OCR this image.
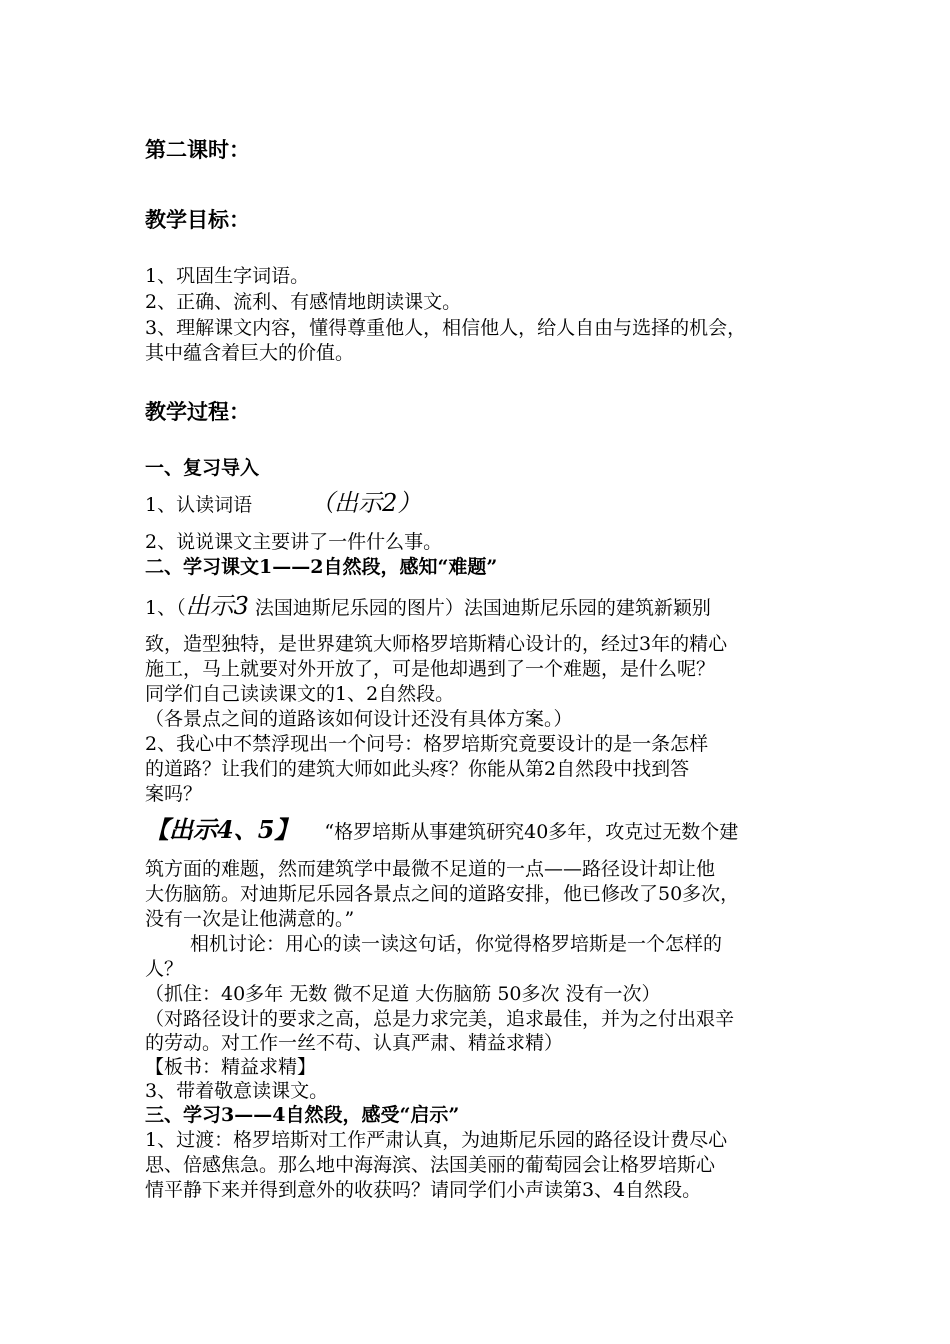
第二课时：
教学目标：
1、巩固生字词语。
2、正确、流利、有感情地朗读课文。
3、理解课文内容，懂得尊重他人，相信他人，给人自由与选择的机会，
其中蕴含着巨大的价值。
教学过程：
一、复习导入
1、认读词语 （出示2）
2、说说课文主要讲了一件什么事。
二、学习课文1——2自然段，感知“难题”
1、（出示3 法国迪斯尼乐园的图片）法国迪斯尼乐园的建筑新颖别
致，造型独特，是世界建筑大师格罗培斯精心设计的，经过3年的精心
施工，马上就要对外开放了，可是他却遇到了一个难题，是什么呢？
同学们自己读读课文的1、2自然段。
（各景点之间的道路该如何设计还没有具体方案。）
2、我心中不禁浮现出一个问号：格罗培斯究竟要设计的是一条怎样
的道路？让我们的建筑大师如此头疼？你能从第2自然段中找到答
案吗？
【出示4、5】 “格罗培斯从事建筑研究40多年，攻克过无数个建
筑方面的难题，然而建筑学中最微不足道的一点——路径设计却让他
大伤脑筋。对迪斯尼乐园各景点之间的道路安排，他已修改了50多次，
没有一次是让他满意的。”
相机讨论：用心的读一读这句话，你觉得格罗培斯是一个怎样的
人？
（抓住：40多年 无数 微不足道 大伤脑筋 50多次 没有一次）
（对路径设计的要求之高，总是力求完美，追求最佳，并为之付出艰辛
的劳动。对工作一丝不苟、认真严肃、精益求精）
【板书：精益求精】
3、带着敬意读课文。
三、学习3——4自然段，感受“启示”
1、过渡：格罗培斯对工作严肃认真，为迪斯尼乐园的路径设计费尽心
思、倍感焦急。那么地中海海滨、法国美丽的葡萄园会让格罗培斯心
情平静下来并得到意外的收获吗？请同学们小声读第3、4自然段。
